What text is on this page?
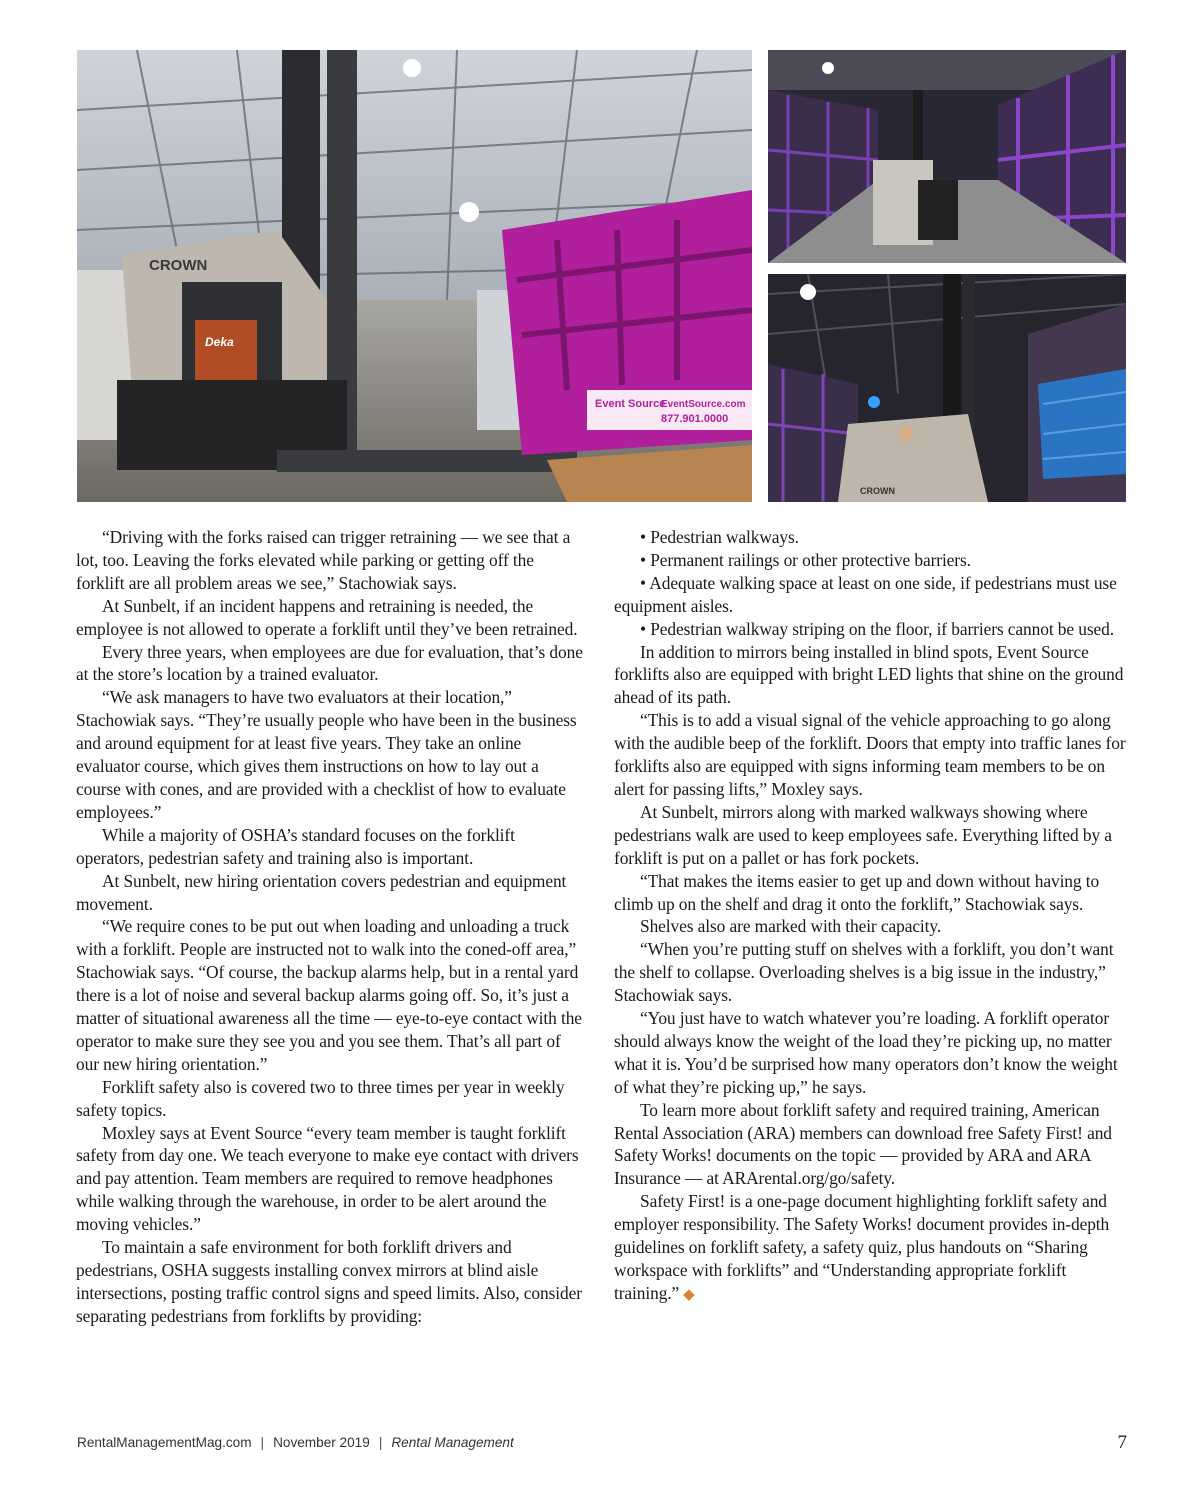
CROWN
Deka
Event Source
EventSource.com
877.901.0000
CROWN

“Driving with the forks raised can trigger retraining — we see that a lot, too. Leaving the forks elevated while parking or getting off the forklift are all problem areas we see,” Stachowiak says.

At Sunbelt, if an incident happens and retraining is needed, the employee is not allowed to operate a forklift until they’ve been retrained.

Every three years, when employees are due for evaluation, that’s done at the store’s location by a trained evaluator.

“We ask managers to have two evaluators at their location,” Stachowiak says. “They’re usually people who have been in the business and around equipment for at least five years. They take an online evaluator course, which gives them instructions on how to lay out a course with cones, and are provided with a checklist of how to evaluate employees.”

While a majority of OSHA’s standard focuses on the forklift operators, pedestrian safety and training also is important.

At Sunbelt, new hiring orientation covers pedestrian and equipment movement.

“We require cones to be put out when loading and unloading a truck with a forklift. People are instructed not to walk into the coned-off area,” Stachowiak says. “Of course, the backup alarms help, but in a rental yard there is a lot of noise and several backup alarms going off. So, it’s just a matter of situational awareness all the time — eye-to-eye contact with the operator to make sure they see you and you see them. That’s all part of our new hiring orientation.”

Forklift safety also is covered two to three times per year in weekly safety topics.

Moxley says at Event Source “every team member is taught forklift safety from day one. We teach everyone to make eye contact with drivers and pay attention. Team members are required to remove headphones while walking through the warehouse, in order to be alert around the moving vehicles.”

To maintain a safe environment for both forklift drivers and pedestrians, OSHA suggests installing convex mirrors at blind aisle intersections, posting traffic control signs and speed limits. Also, consider separating pedestrians from forklifts by providing:

• Pedestrian walkways.

• Permanent railings or other protective barriers.

• Adequate walking space at least on one side, if pedestrians must use equipment aisles.

• Pedestrian walkway striping on the floor, if barriers cannot be used.

In addition to mirrors being installed in blind spots, Event Source forklifts also are equipped with bright LED lights that shine on the ground ahead of its path.

“This is to add a visual signal of the vehicle approaching to go along with the audible beep of the forklift. Doors that empty into traffic lanes for forklifts also are equipped with signs informing team members to be on alert for passing lifts,” Moxley says.

At Sunbelt, mirrors along with marked walkways showing where pedestrians walk are used to keep employees safe. Everything lifted by a forklift is put on a pallet or has fork pockets.

“That makes the items easier to get up and down without having to climb up on the shelf and drag it onto the forklift,” Stachowiak says.

Shelves also are marked with their capacity.

“When you’re putting stuff on shelves with a forklift, you don’t want the shelf to collapse. Overloading shelves is a big issue in the industry,” Stachowiak says.

“You just have to watch whatever you’re loading. A forklift operator should always know the weight of the load they’re picking up, no matter what it is. You’d be surprised how many operators don’t know the weight of what they’re picking up,” he says.

To learn more about forklift safety and required training, American Rental Association (ARA) members can download free Safety First! and Safety Works! documents on the topic — provided by ARA and ARA Insurance — at ARArental.org/go/safety.

Safety First! is a one-page document highlighting forklift safety and employer responsibility. The Safety Works! document provides in-depth guidelines on forklift safety, a safety quiz, plus handouts on “Sharing workspace with forklifts” and “Understanding appropriate forklift training.” ◆

RentalManagementMag.com | November 2019 | Rental Management	7
